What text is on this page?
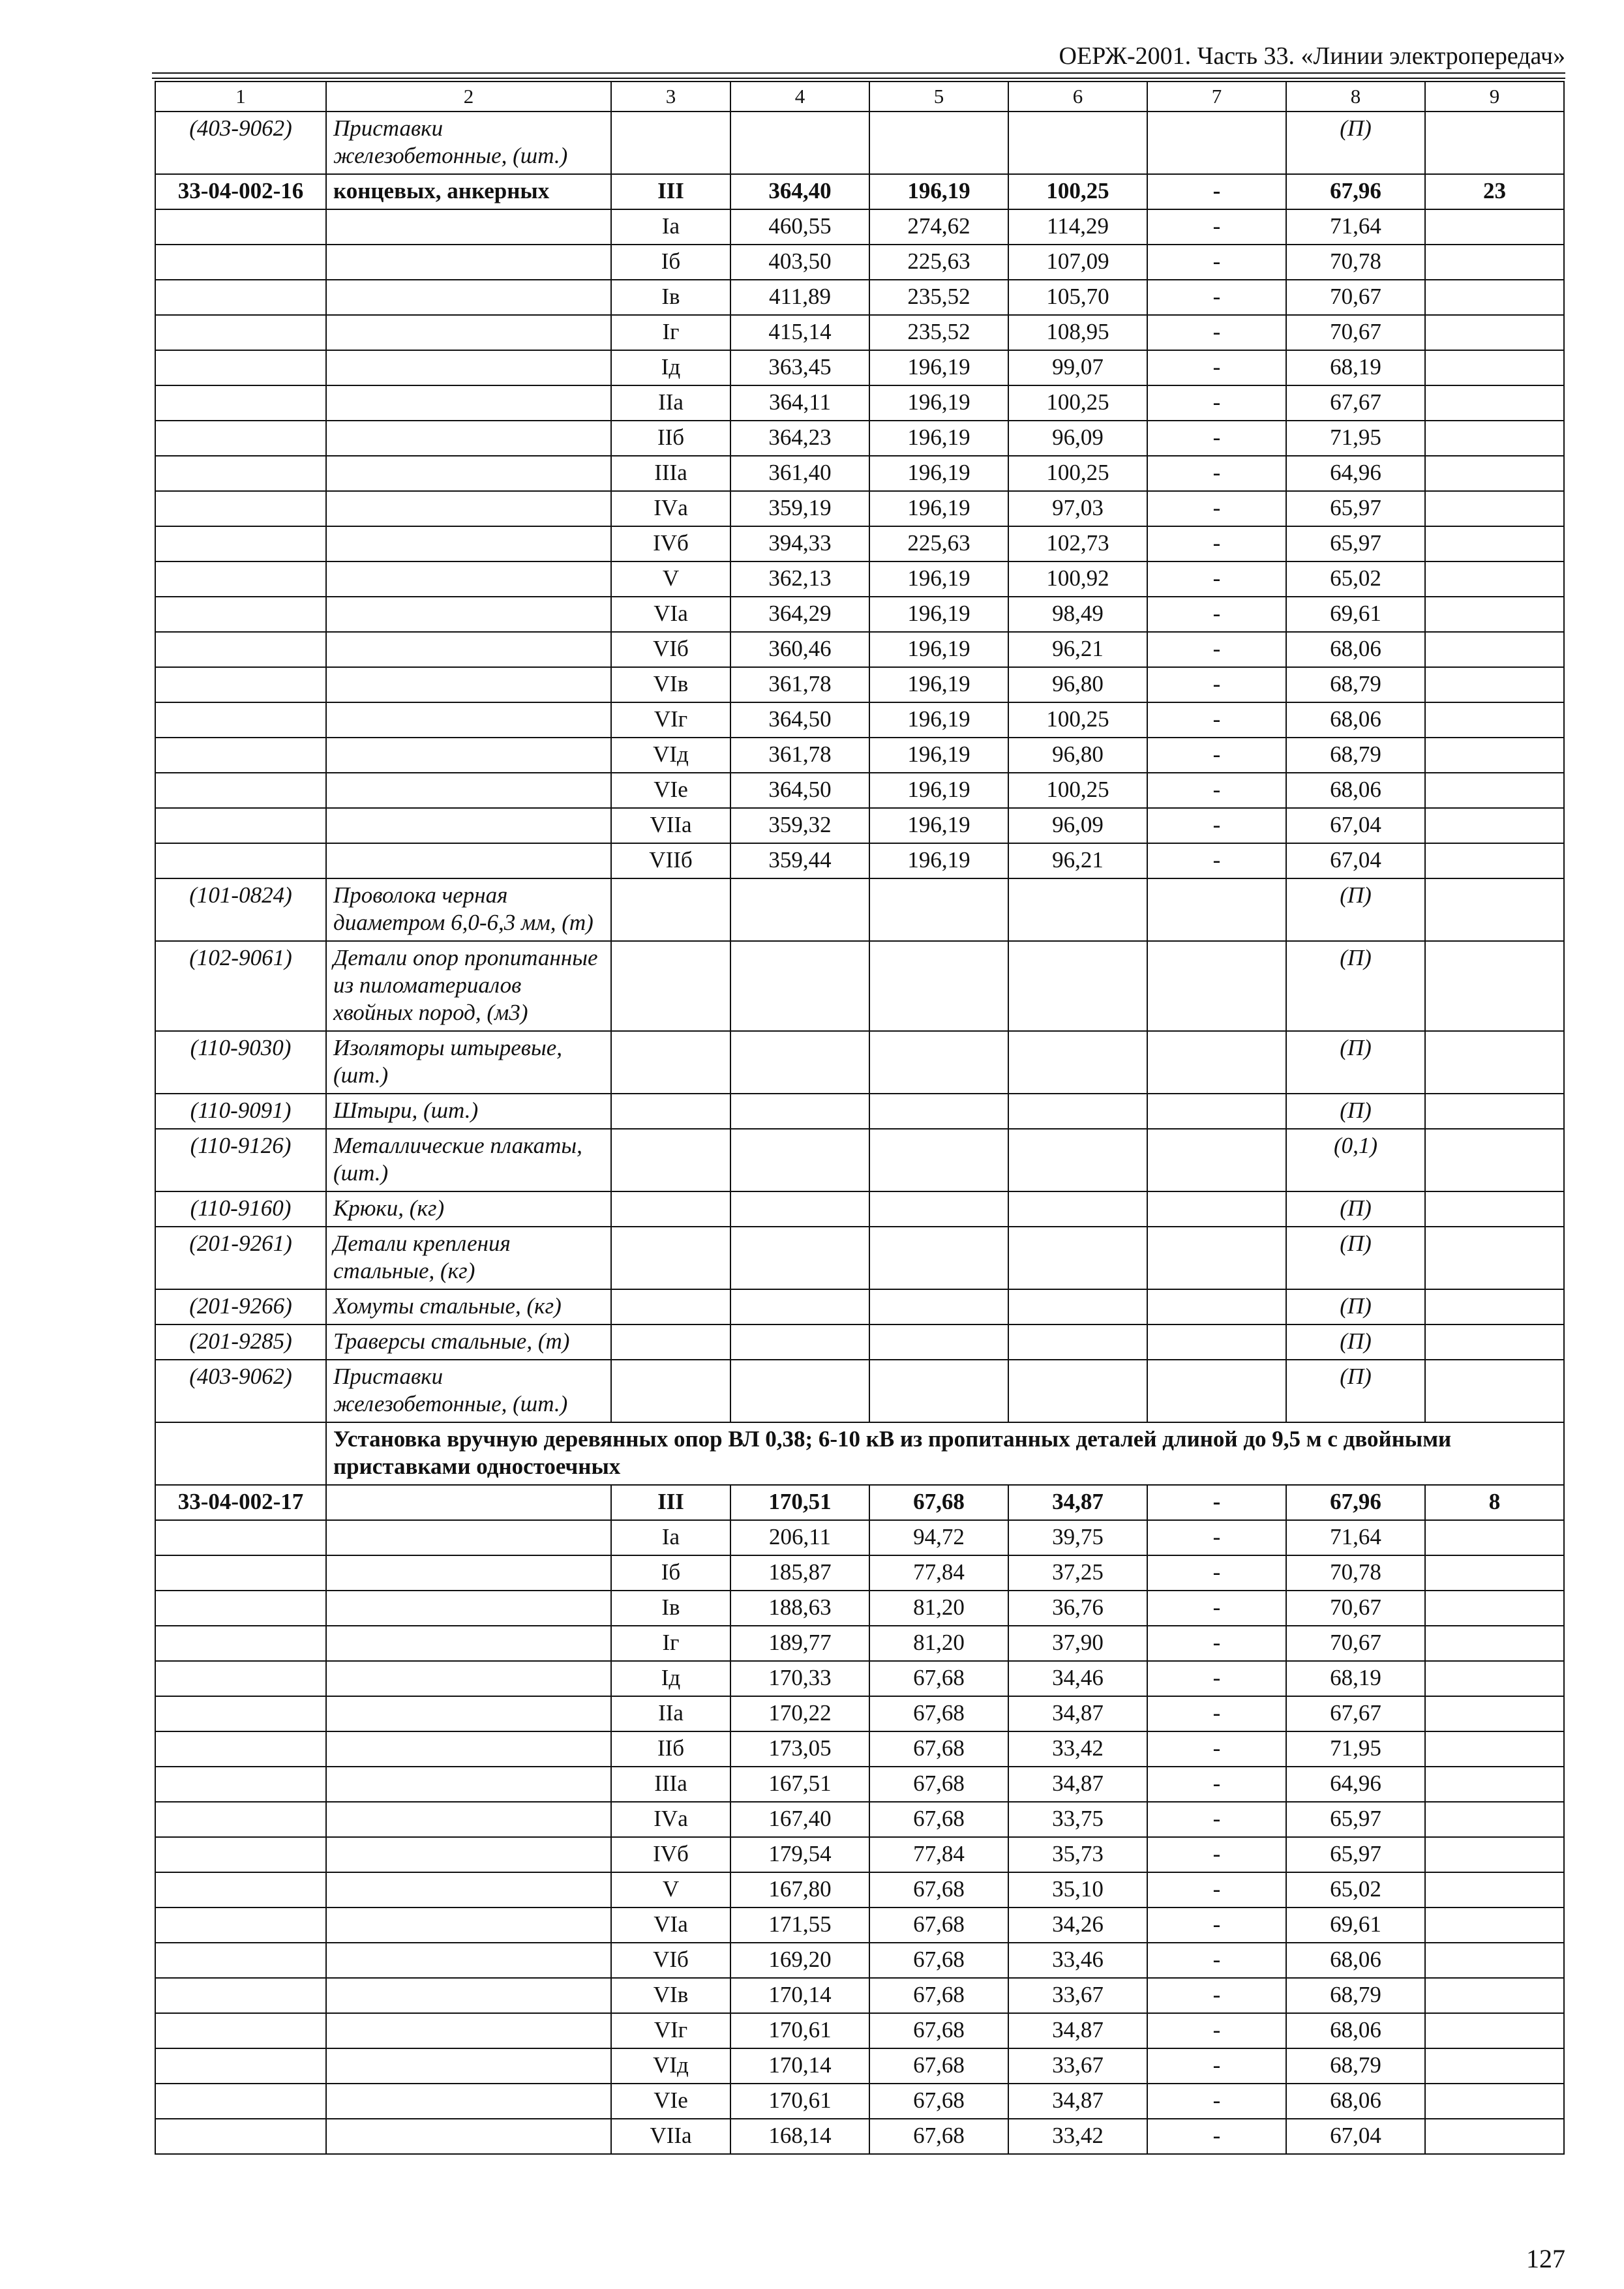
ОЕРЖ-2001. Часть 33. «Линии электропередач»
1	2	3	4	5	6	7	8	9
(403-9062)	Приставки железобетонные, (шт.)						(П)	
33-04-002-16	концевых, анкерных	III	364,40	196,19	100,25	-	67,96	23
		Iа	460,55	274,62	114,29	-	71,64	
		Iб	403,50	225,63	107,09	-	70,78	
		Iв	411,89	235,52	105,70	-	70,67	
		Iг	415,14	235,52	108,95	-	70,67	
		Iд	363,45	196,19	99,07	-	68,19	
		IIа	364,11	196,19	100,25	-	67,67	
		IIб	364,23	196,19	96,09	-	71,95	
		IIIа	361,40	196,19	100,25	-	64,96	
		IVа	359,19	196,19	97,03	-	65,97	
		IVб	394,33	225,63	102,73	-	65,97	
		V	362,13	196,19	100,92	-	65,02	
		VIа	364,29	196,19	98,49	-	69,61	
		VIб	360,46	196,19	96,21	-	68,06	
		VIв	361,78	196,19	96,80	-	68,79	
		VIг	364,50	196,19	100,25	-	68,06	
		VIд	361,78	196,19	96,80	-	68,79	
		VIе	364,50	196,19	100,25	-	68,06	
		VIIа	359,32	196,19	96,09	-	67,04	
		VIIб	359,44	196,19	96,21	-	67,04	
(101-0824)	Проволока черная диаметром 6,0-6,3 мм, (т)						(П)	
(102-9061)	Детали опор пропитанные из пиломатериалов хвойных пород, (м3)						(П)	
(110-9030)	Изоляторы штыревые, (шт.)						(П)	
(110-9091)	Штыри, (шт.)						(П)	
(110-9126)	Металлические плакаты, (шт.)						(0,1)	
(110-9160)	Крюки, (кг)						(П)	
(201-9261)	Детали крепления стальные, (кг)						(П)	
(201-9266)	Хомуты стальные, (кг)						(П)	
(201-9285)	Траверсы стальные, (т)						(П)	
(403-9062)	Приставки железобетонные, (шт.)						(П)	
	Установка вручную деревянных опор ВЛ 0,38; 6-10 кВ из пропитанных деталей длиной до 9,5 м с двойными приставками одностоечных							
33-04-002-17		III	170,51	67,68	34,87	-	67,96	8
		Iа	206,11	94,72	39,75	-	71,64	
		Iб	185,87	77,84	37,25	-	70,78	
		Iв	188,63	81,20	36,76	-	70,67	
		Iг	189,77	81,20	37,90	-	70,67	
		Iд	170,33	67,68	34,46	-	68,19	
		IIа	170,22	67,68	34,87	-	67,67	
		IIб	173,05	67,68	33,42	-	71,95	
		IIIа	167,51	67,68	34,87	-	64,96	
		IVа	167,40	67,68	33,75	-	65,97	
		IVб	179,54	77,84	35,73	-	65,97	
		V	167,80	67,68	35,10	-	65,02	
		VIа	171,55	67,68	34,26	-	69,61	
		VIб	169,20	67,68	33,46	-	68,06	
		VIв	170,14	67,68	33,67	-	68,79	
		VIг	170,61	67,68	34,87	-	68,06	
		VIд	170,14	67,68	33,67	-	68,79	
		VIе	170,61	67,68	34,87	-	68,06	
		VIIа	168,14	67,68	33,42	-	67,04	
127
